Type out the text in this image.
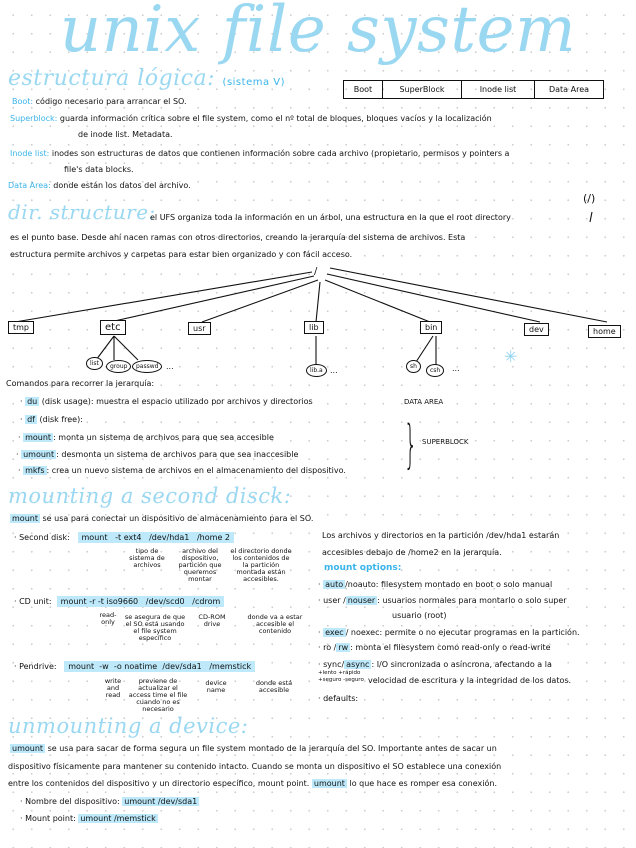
unix file system
estructura lógica: (sistema V)
Boot	SuperBlock	Inode list	Data Area
Boot: código necesario para arrancar el SO.
Superblock: guarda información crítica sobre el file system, como el nº total de bloques, bloques vacíos y la localización
de inode list. Metadata.
Inode list: inodes son estructuras de datos que contienen información sobre cada archivo (propietario, permisos y pointers a
file's data blocks.
Data Area: donde están los datos del archivo.
dir. structure:
el UFS organiza toda la información en un árbol, una estructura en la que el root directory
es el punto base. Desde ahí nacen ramas con otros directorios, creando la jerarquía del sistema de archivos. Esta
estructura permite archivos y carpetas para estar bien organizado y con fácil acceso.
(/)
/
tmp	etc	usr	lib	bin	dev	home
list	group	passwd ...	lib.a ...	sh
csh	...
✳
Comandos para recorrer la jerarquía:
· du (disk usage): muestra el espacio utilizado por archivos y directorios
· df (disk free):
· mount : monta un sistema de archivos para que sea accesible
· umount : desmonta un sistema de archivos para que sea inaccesible
· mkfs : crea un nuevo sistema de archivos en el almacenamiento del dispositivo.
DATA AREA
} SUPERBLOCK
mounting a second disck:
mount se usa para conectar un dispositivo de almacenamiento para el SO.
· Second disk: mount -t ext4 /dev/hda1 /home 2
tipo de sistema de archivos
archivo del dispositivo, partición que queremos montar
el directorio donde los contenidos de la partición montada están accesibles.
· CD unit: mount -r -t iso9660 /dev/scd0 /cdrom
read-only
se asegura de que el SO está usando el file system específico
CD-ROM drive
donde va a estar accesible el contenido
· Pendrive: mount -w -o noatime /dev/sda1 /memstick
write and read
previene de actualizar el access time el file cuando no es necesario
device name
donde está accesible
Los archivos y directorios en la partición /dev/hda1 estarán
accesibles debajo de /home2 en la jerarquía.
mount options:
· auto /noauto: filesystem montado en boot o solo manual
· user / nouser : usuarios normales para montarlo o solo super
usuario (root)
· exec / noexec: permite o no ejecutar programas en la partición.
· ro / rw : monta el filesystem como read-only o read-write
· sync/ async : I/O sincronizada o asíncrona, afectando a la
+lento +rápido
+seguro -seguro velocidad de escritura y la integridad de los datos.
· defaults:
unmounting a device:
umount se usa para sacar de forma segura un file system montado de la jerarquía del SO. Importante antes de sacar un
dispositivo físicamente para mantener su contenido intacto. Cuando se monta un dispositivo el SO establece una conexión
entre los contenidos del dispositivo y un directorio específico, mount point. umount lo que hace es romper esa conexión.
· Nombre del dispositivo: umount /dev/sda1
· Mount point: umount /memstick
